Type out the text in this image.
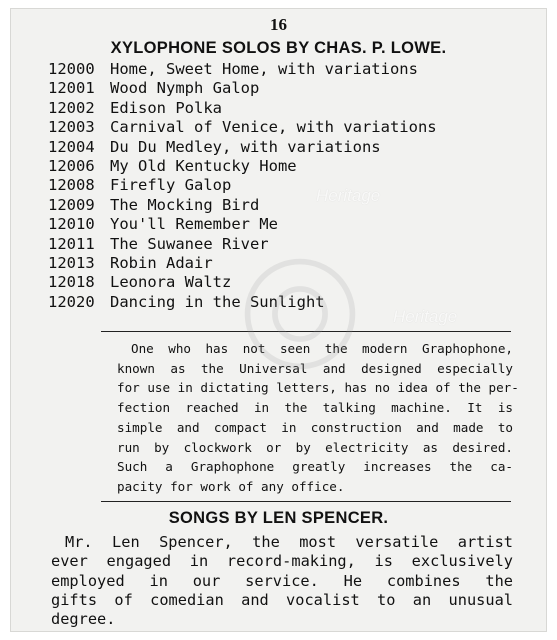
16
XYLOPHONE SOLOS BY CHAS. P. LOWE.
12000 Home, Sweet Home, with variations
12001 Wood Nymph Galop
12002 Edison Polka
12003 Carnival of Venice, with variations
12004 Du Du Medley, with variations
12006 My Old Kentucky Home
12008 Firefly Galop
12009 The Mocking Bird
12010 You'll Remember Me
12011 The Suwanee River
12013 Robin Adair
12018 Leonora Waltz
12020 Dancing in the Sunlight
One who has not seen the modern Graphophone,
known as the Universal and designed especially
for use in dictating letters, has no idea of the per-
fection reached in the talking machine. It is
simple and compact in construction and made to
run by clockwork or by electricity as desired.
Such a Graphophone greatly increases the ca-
pacity for work of any office.
SONGS BY LEN SPENCER.
Mr. Len Spencer, the most versatile artist
ever engaged in record-making, is exclusively
employed in our service. He combines the
gifts of comedian and vocalist to an unusual
degree.
Heritage
Heritage
